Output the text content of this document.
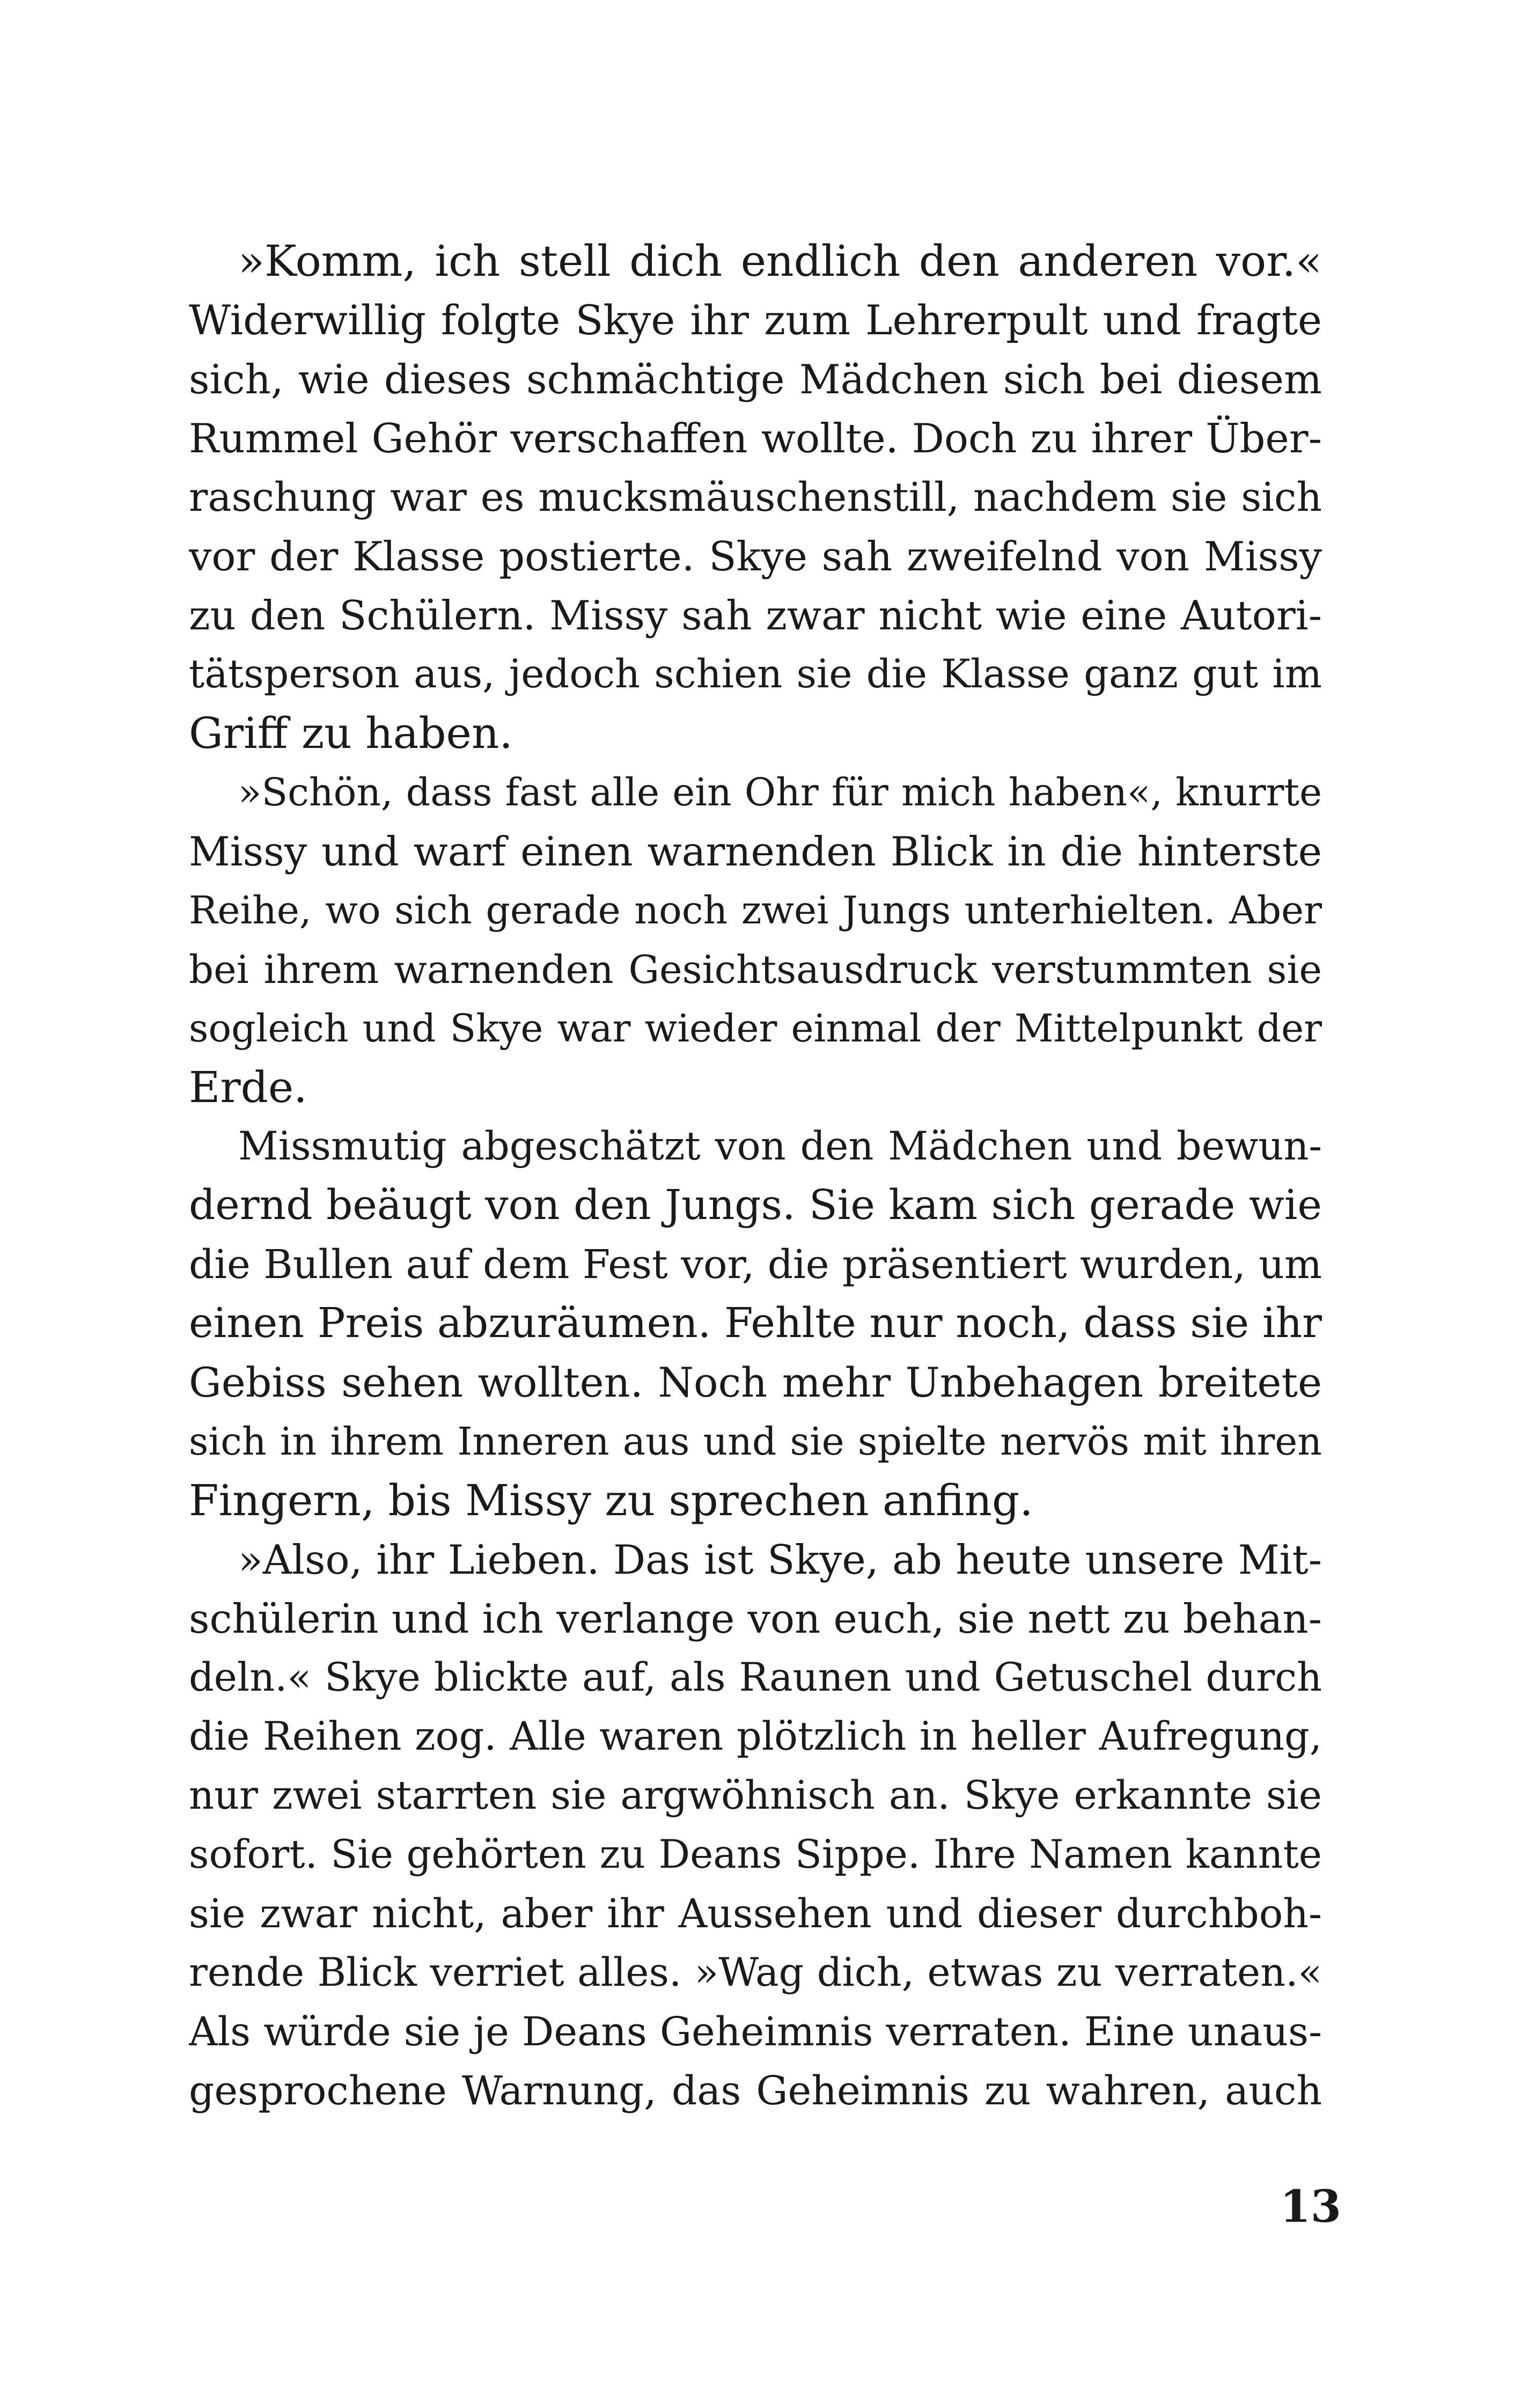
»Komm, ich stell dich endlich den anderen vor.«
Widerwillig folgte Skye ihr zum Lehrerpult und fragte
sich, wie dieses schmächtige Mädchen sich bei diesem
Rummel Gehör verschaffen wollte. Doch zu ihrer Über-
raschung war es mucksmäuschenstill, nachdem sie sich
vor der Klasse postierte. Skye sah zweifelnd von Missy
zu den Schülern. Missy sah zwar nicht wie eine Autori-
tätsperson aus, jedoch schien sie die Klasse ganz gut im
Griff zu haben.
»Schön, dass fast alle ein Ohr für mich haben«, knurrte
Missy und warf einen warnenden Blick in die hinterste
Reihe, wo sich gerade noch zwei Jungs unterhielten. Aber
bei ihrem warnenden Gesichtsausdruck verstummten sie
sogleich und Skye war wieder einmal der Mittelpunkt der
Erde.
Missmutig abgeschätzt von den Mädchen und bewun-
dernd beäugt von den Jungs. Sie kam sich gerade wie
die Bullen auf dem Fest vor, die präsentiert wurden, um
einen Preis abzuräumen. Fehlte nur noch, dass sie ihr
Gebiss sehen wollten. Noch mehr Unbehagen breitete
sich in ihrem Inneren aus und sie spielte nervös mit ihren
Fingern, bis Missy zu sprechen anfing.
»Also, ihr Lieben. Das ist Skye, ab heute unsere Mit-
schülerin und ich verlange von euch, sie nett zu behan-
deln.« Skye blickte auf, als Raunen und Getuschel durch
die Reihen zog. Alle waren plötzlich in heller Aufregung,
nur zwei starrten sie argwöhnisch an. Skye erkannte sie
sofort. Sie gehörten zu Deans Sippe. Ihre Namen kannte
sie zwar nicht, aber ihr Aussehen und dieser durchboh-
rende Blick verriet alles. »Wag dich, etwas zu verraten.«
Als würde sie je Deans Geheimnis verraten. Eine unaus-
gesprochene Warnung, das Geheimnis zu wahren, auch
13
